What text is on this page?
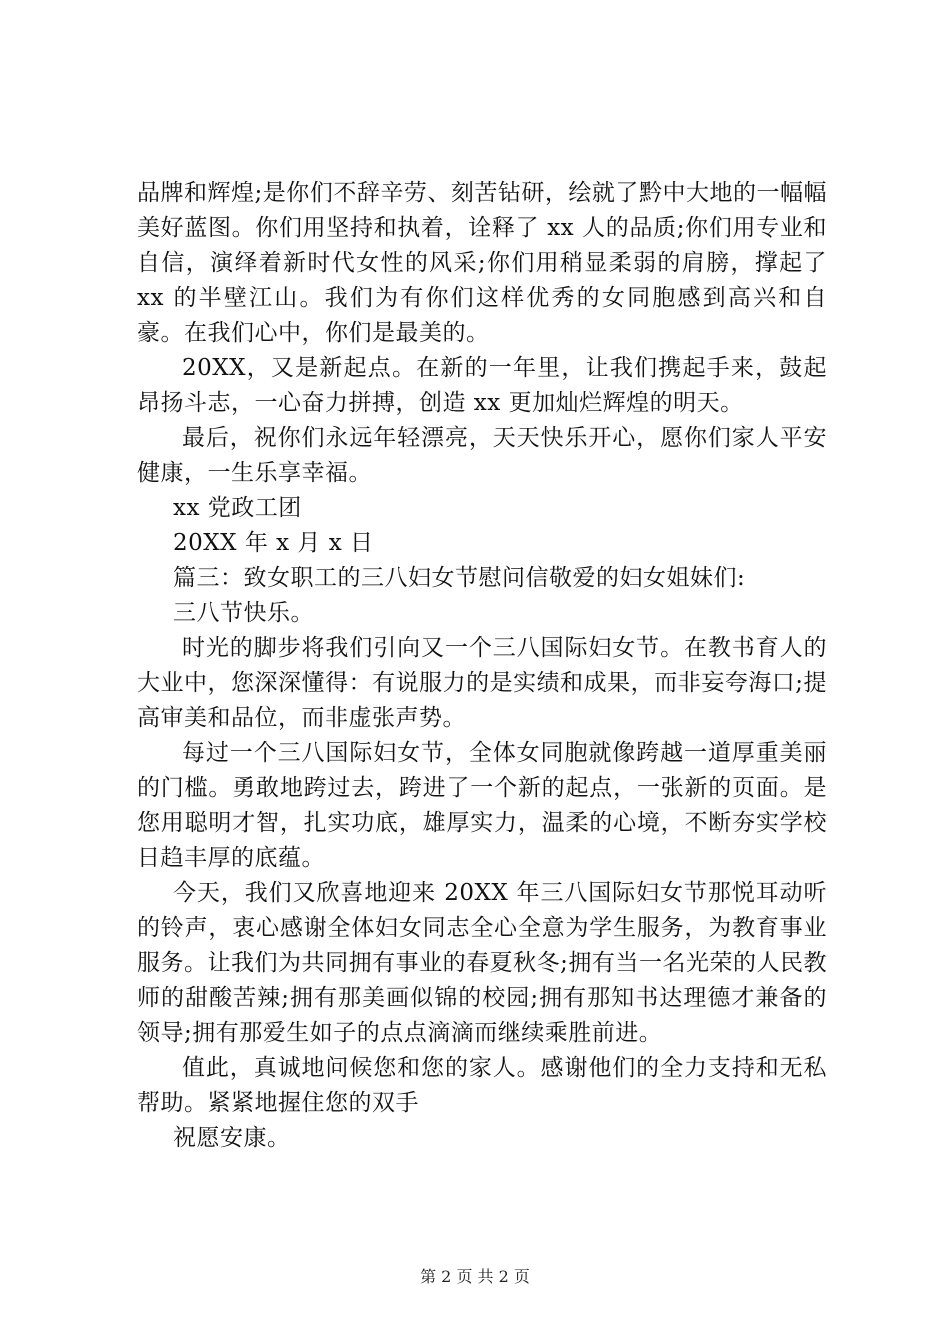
品牌和辉煌;是你们不辞辛劳、刻苦钻研，绘就了黔中大地的一幅幅美好蓝图。你们用坚持和执着，诠释了 xx 人的品质;你们用专业和自信，演绎着新时代女性的风采;你们用稍显柔弱的肩膀，撑起了 xx 的半壁江山。我们为有你们这样优秀的女同胞感到高兴和自豪。在我们心中，你们是最美的。

20XX，又是新起点。在新的一年里，让我们携起手来，鼓起昂扬斗志，一心奋力拼搏，创造 xx 更加灿烂辉煌的明天。

最后，祝你们永远年轻漂亮，天天快乐开心，愿你们家人平安健康，一生乐享幸福。

xx 党政工团

20XX 年 x 月 x 日

篇三：致女职工的三八妇女节慰问信敬爱的妇女姐妹们:

三八节快乐。

时光的脚步将我们引向又一个三八国际妇女节。在教书育人的大业中，您深深懂得：有说服力的是实绩和成果，而非妄夸海口;提高审美和品位，而非虚张声势。

每过一个三八国际妇女节，全体女同胞就像跨越一道厚重美丽的门槛。勇敢地跨过去，跨进了一个新的起点，一张新的页面。是您用聪明才智，扎实功底，雄厚实力，温柔的心境，不断夯实学校日趋丰厚的底蕴。

今天，我们又欣喜地迎来 20XX 年三八国际妇女节那悦耳动听的铃声，衷心感谢全体妇女同志全心全意为学生服务，为教育事业服务。让我们为共同拥有事业的春夏秋冬;拥有当一名光荣的人民教师的甜酸苦辣;拥有那美画似锦的校园;拥有那知书达理德才兼备的领导;拥有那爱生如子的点点滴滴而继续乘胜前进。

值此，真诚地问候您和您的家人。感谢他们的全力支持和无私帮助。紧紧地握住您的双手

祝愿安康。

第 2 页 共 2 页
